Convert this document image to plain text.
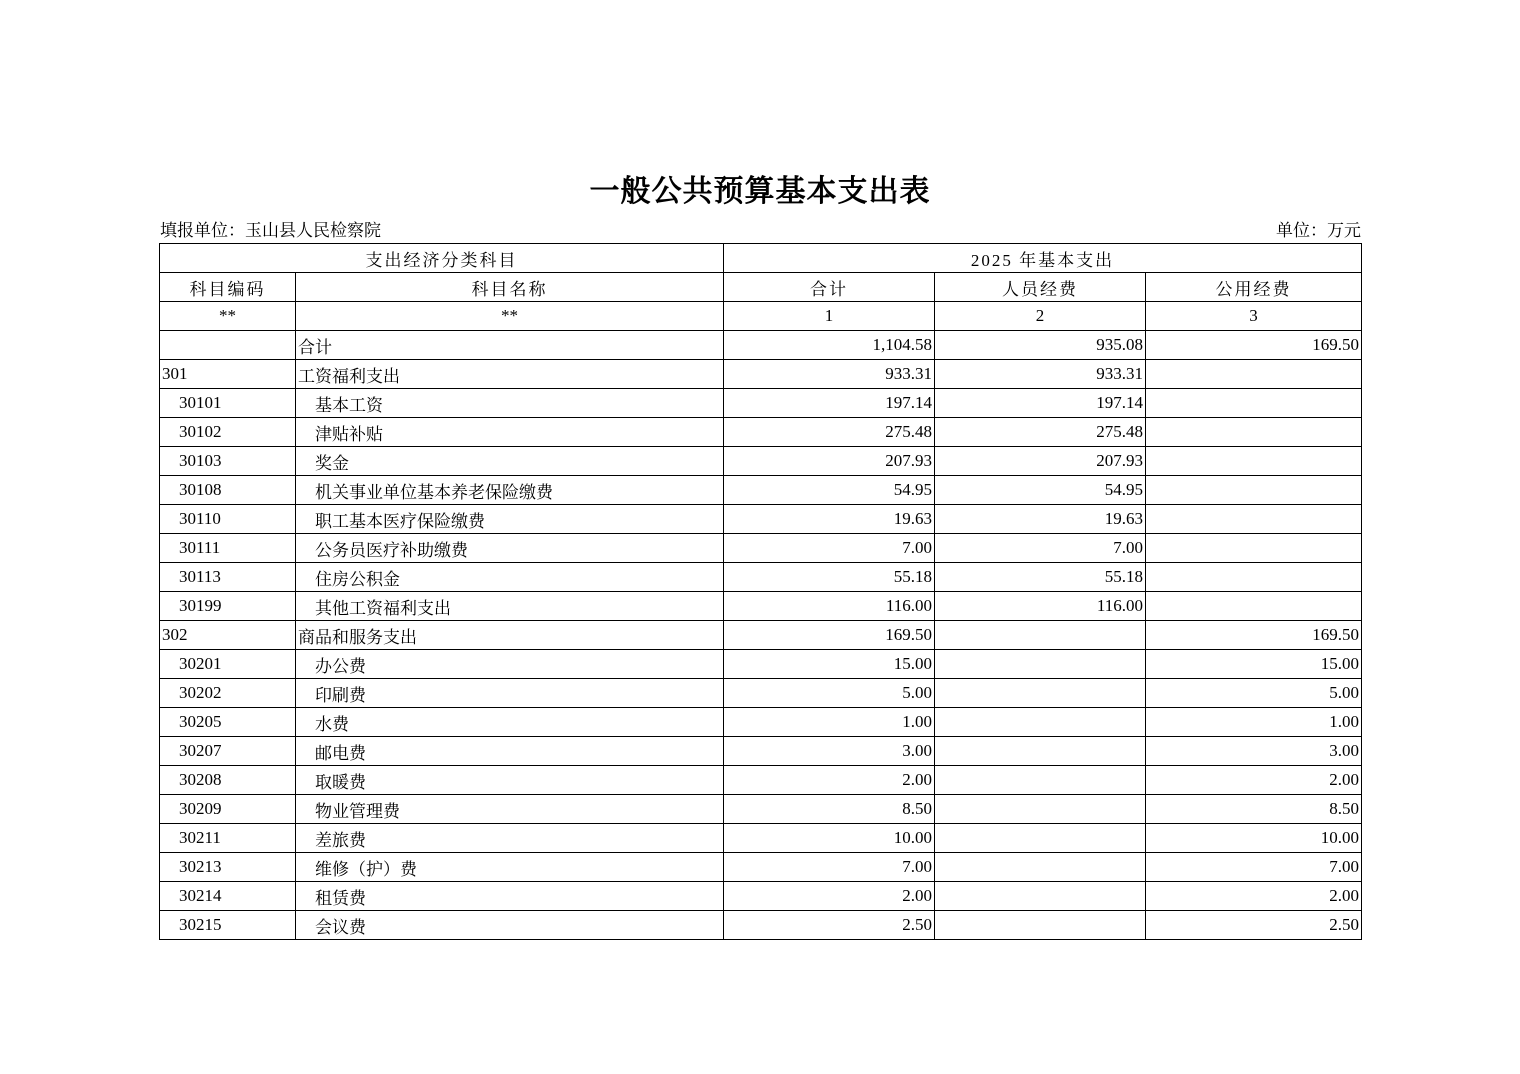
一般公共预算基本支出表
填报单位：玉山县人民检察院	单位：万元
支出经济分类科目		2025 年基本支出		
科目编码	科目名称	合计	人员经费	公用经费
**	**	1	2	3
	合计	1,104.58	935.08	169.50
301	工资福利支出	933.31	933.31	
30101	基本工资	197.14	197.14	
30102	津贴补贴	275.48	275.48	
30103	奖金	207.93	207.93	
30108	机关事业单位基本养老保险缴费	54.95	54.95	
30110	职工基本医疗保险缴费	19.63	19.63	
30111	公务员医疗补助缴费	7.00	7.00	
30113	住房公积金	55.18	55.18	
30199	其他工资福利支出	116.00	116.00	
302	商品和服务支出	169.50		169.50
30201	办公费	15.00		15.00
30202	印刷费	5.00		5.00
30205	水费	1.00		1.00
30207	邮电费	3.00		3.00
30208	取暖费	2.00		2.00
30209	物业管理费	8.50		8.50
30211	差旅费	10.00		10.00
30213	维修（护）费	7.00		7.00
30214	租赁费	2.00		2.00
30215	会议费	2.50		2.50
